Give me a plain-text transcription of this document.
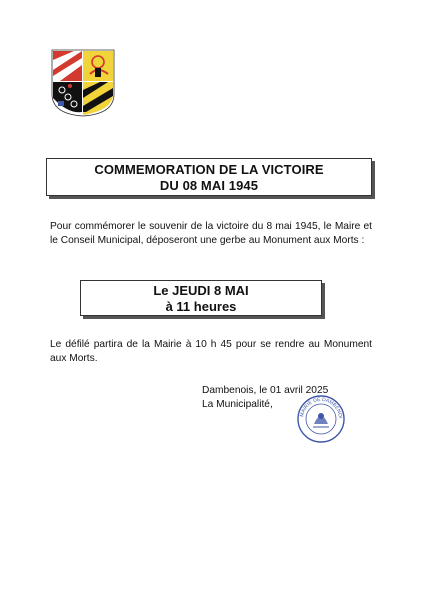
COMMEMORATION DE LA VICTOIRE
DU 08 MAI 1945
Pour commémorer le souvenir de la victoire du 8 mai 1945, le Maire et le Conseil Municipal, déposeront une gerbe au Monument aux Morts :
Le JEUDI 8 MAI
à 11 heures
Le défilé partira de la Mairie à 10 h 45 pour se rendre au Monument aux Morts.
Dambenois, le 01 avril 2025
La Municipalité,
MAIRIE DE DAMBENOI
